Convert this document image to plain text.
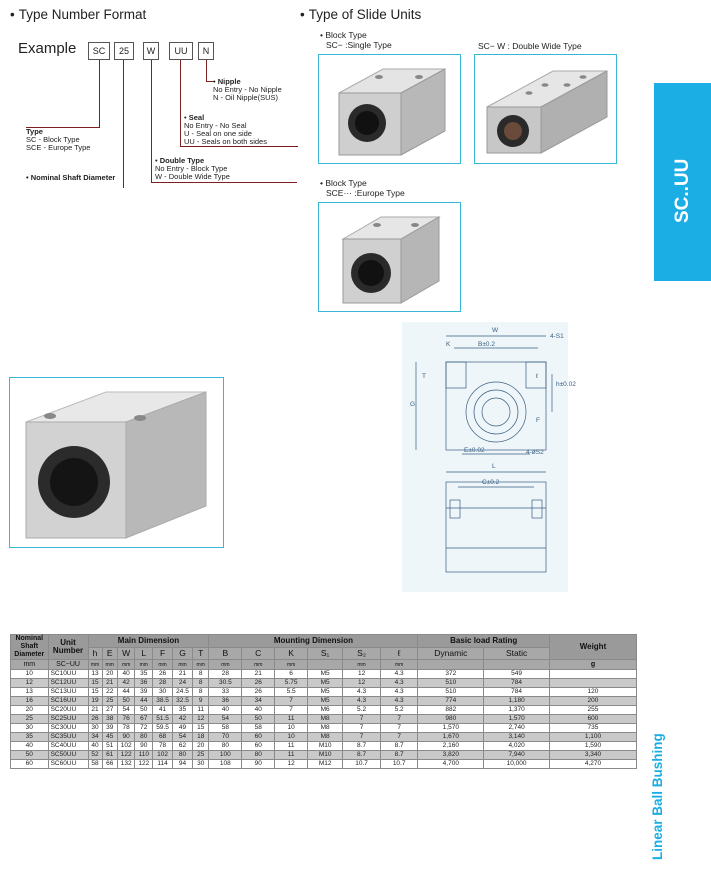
• Type Number Format
Example	SC	25	W	UU	N
• Nipple
No Entry - No Nipple
N - Oil Nipple(SUS)
• Seal
No Entry - No Seal
U - Seal on one side
UU - Seals on both sides
Type
SC - Block Type
SCE - Europe Type
• Double Type
No Entry - Block Type
W - Double Wide Type
• Nominal Shaft Diameter
• Type of Slide Units
• Block Type
SC− :Single Type	SC− W : Double Wide Type
• Block Type
SCE··· :Europe Type	SC..UU
W
K	B±0.2
4-S1
T	ℓ
h±0.02
G
F
E±0.02	4-øS2
L
C±0.2
Nominal Shaft Diameter	Unit Number	Main Dimension							Mounting Dimension						Basic load Rating		Weight
		h	E	W	L	F	G	T	B	C	K	S₁	S₂	ℓ	Dynamic	Static	
mm	SC−UU	mm	mm	mm	mm	mm	mm	mm	mm	mm	mm		mm	mm			g
10	SC10UU	13	20	40	35	26	21	8	28	21	6	M5	12	4.3	372	549	
12	SC12UU	15	21	42	36	28	24	8	30.5	26	5.75	M5	12	4.3	510	784	
13	SC13UU	15	22	44	39	30	24.5	8	33	26	5.5	M5	4.3	4.3	510	784	120
16	SC16UU	19	25	50	44	38.5	32.5	9	36	34	7	M5	4.3	4.3	774	1,180	200
20	SC20UU	21	27	54	50	41	35	11	40	40	7	M6	5.2	5.2	882	1,370	255
25	SC25UU	26	38	76	67	51.5	42	12	54	50	11	M8	7	7	980	1,570	600
30	SC30UU	30	39	78	72	59.5	49	15	58	58	10	M8	7	7	1,570	2,740	735
35	SC35UU	34	45	90	80	68	54	18	70	60	10	M8	7	7	1,670	3,140	1,100
40	SC40UU	40	51	102	90	78	62	20	80	60	11	M10	8.7	8.7	2,160	4,020	1,590
50	SC50UU	52	61	122	110	102	80	25	100	80	11	M10	8.7	8.7	3,820	7,940	3,340
60	SC60UU	58	66	132	122	114	94	30	108	90	12	M12	10.7	10.7	4,700	10,000	4,270	Linear Ball Bushing
